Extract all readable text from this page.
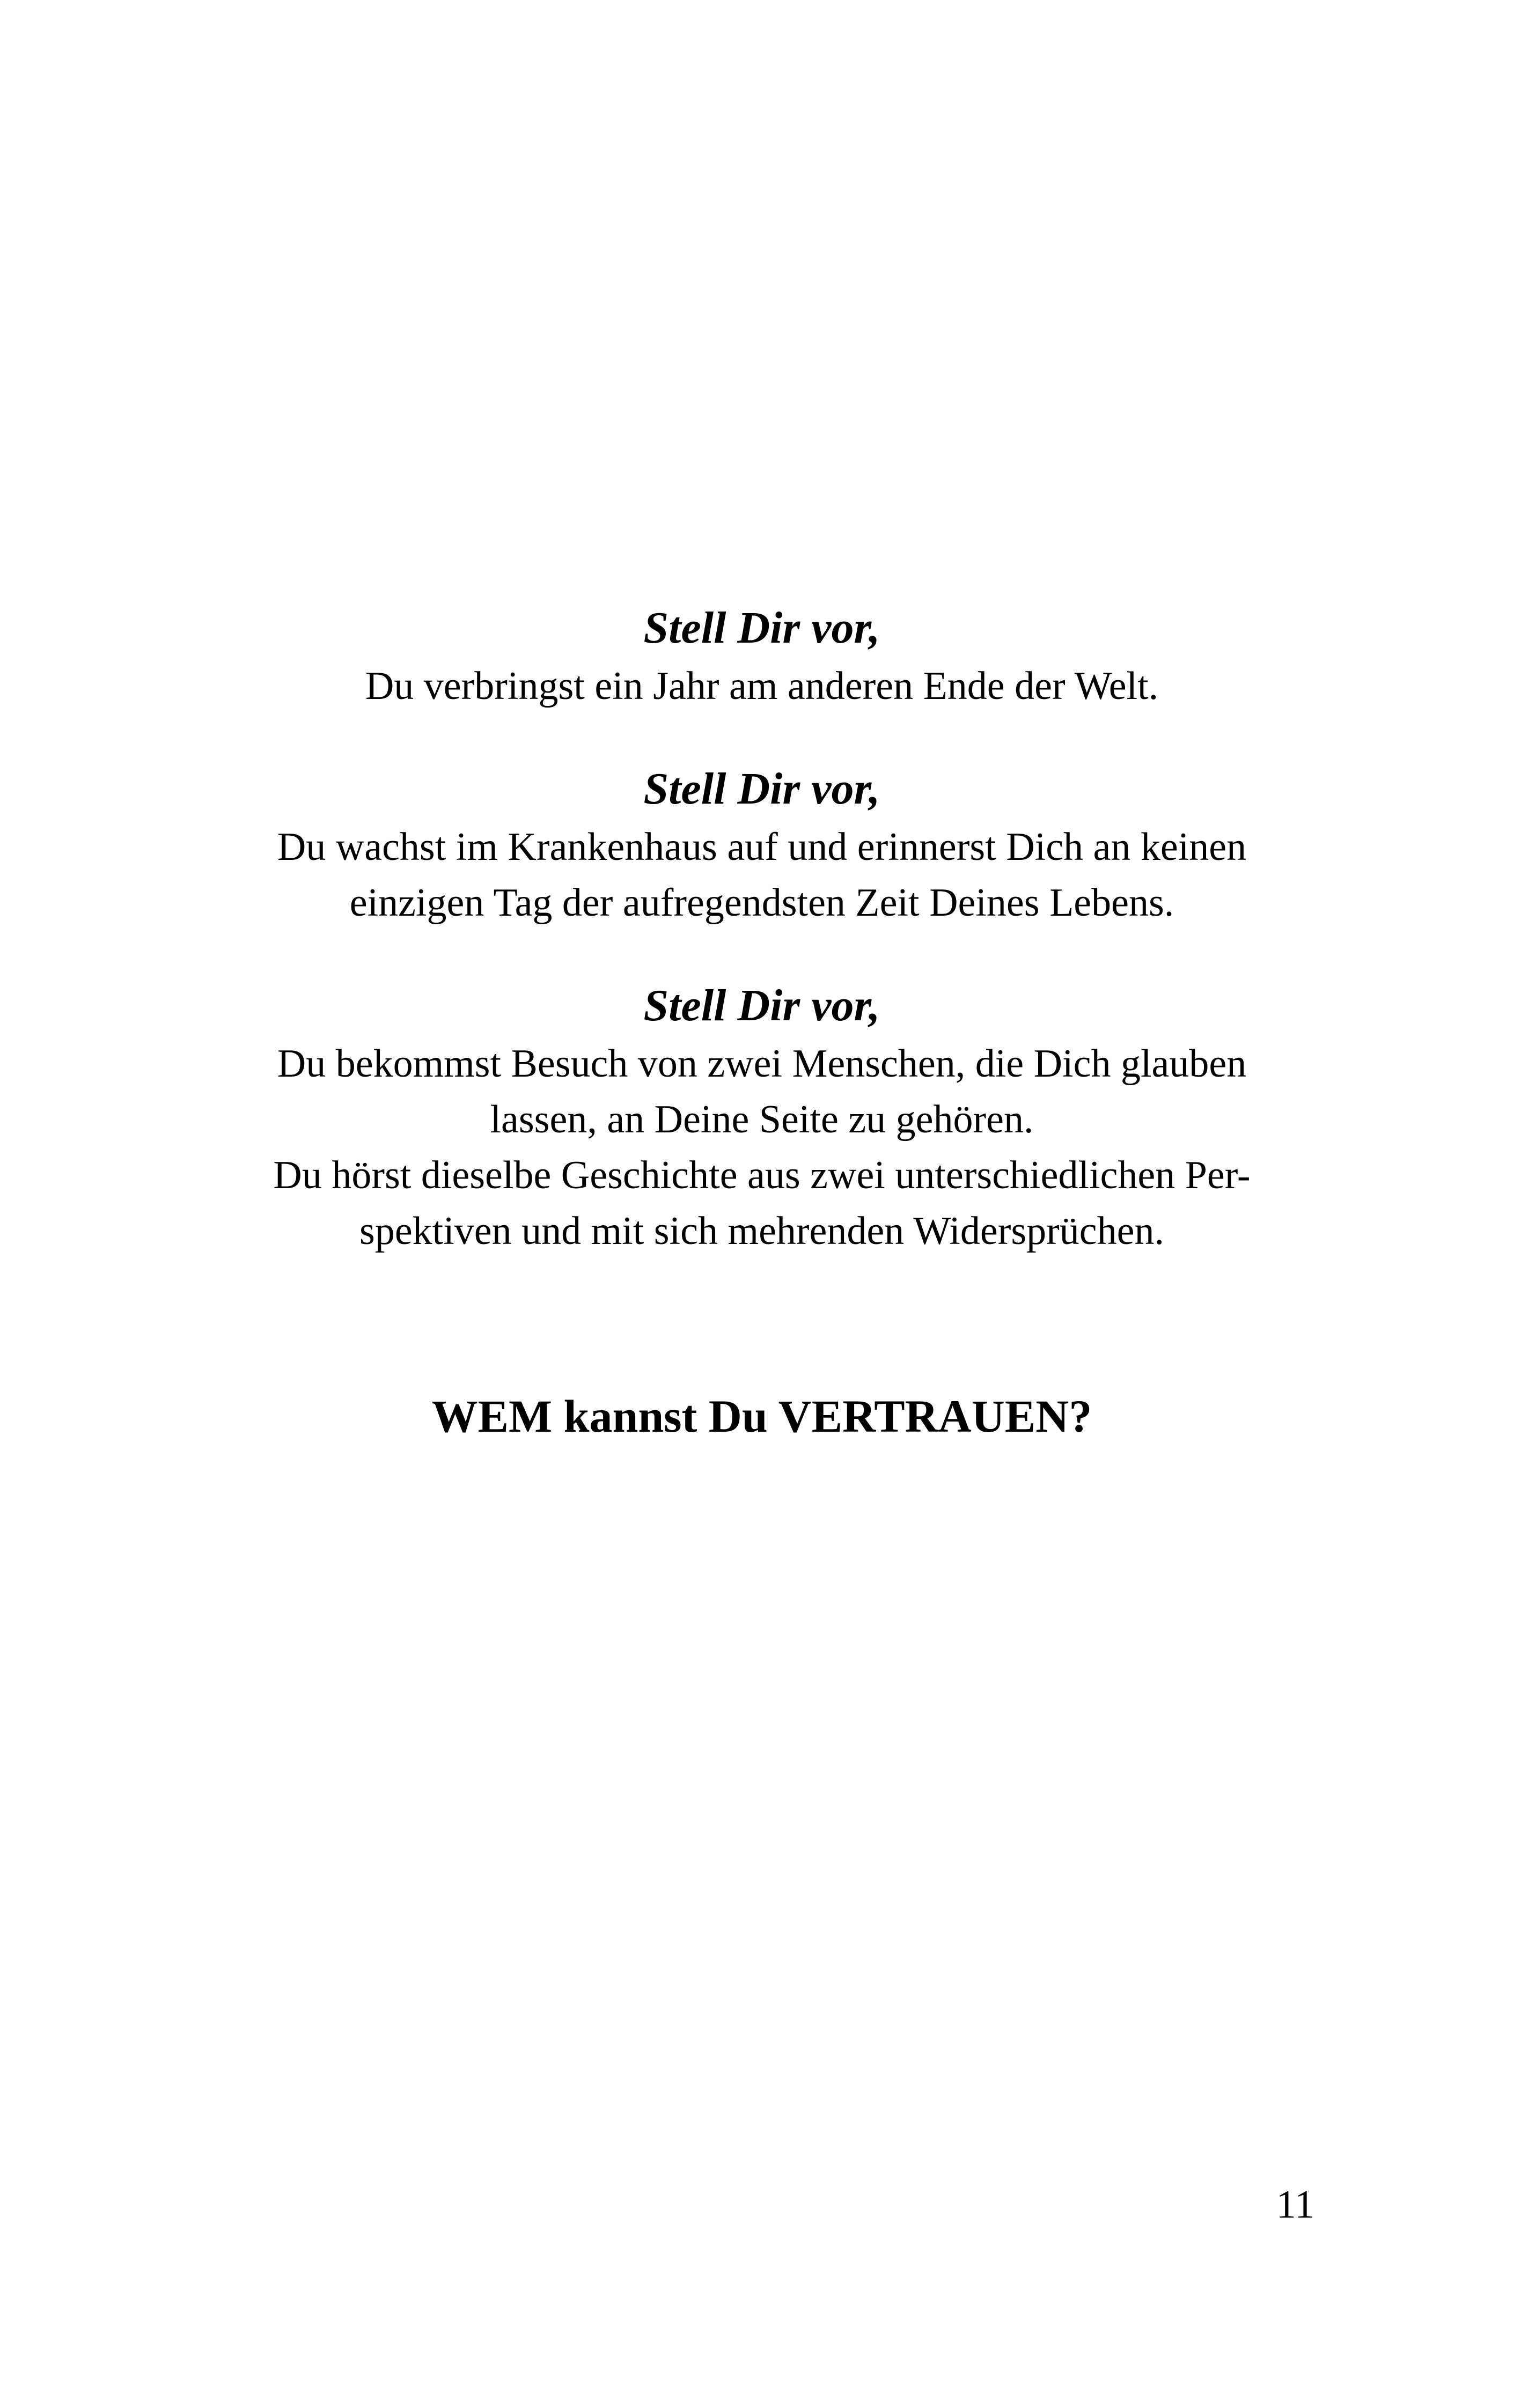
Stell Dir vor,

Du verbringst ein Jahr am anderen Ende der Welt.

Stell Dir vor,

Du wachst im Krankenhaus auf und erinnerst Dich an keinen

einzigen Tag der aufregendsten Zeit Deines Lebens.

Stell Dir vor,

Du bekommst Besuch von zwei Menschen, die Dich glauben

lassen, an Deine Seite zu gehören.

Du hörst dieselbe Geschichte aus zwei unterschiedlichen Per-

spektiven und mit sich mehrenden Widersprüchen.

WEM kannst Du VERTRAUEN?

11
